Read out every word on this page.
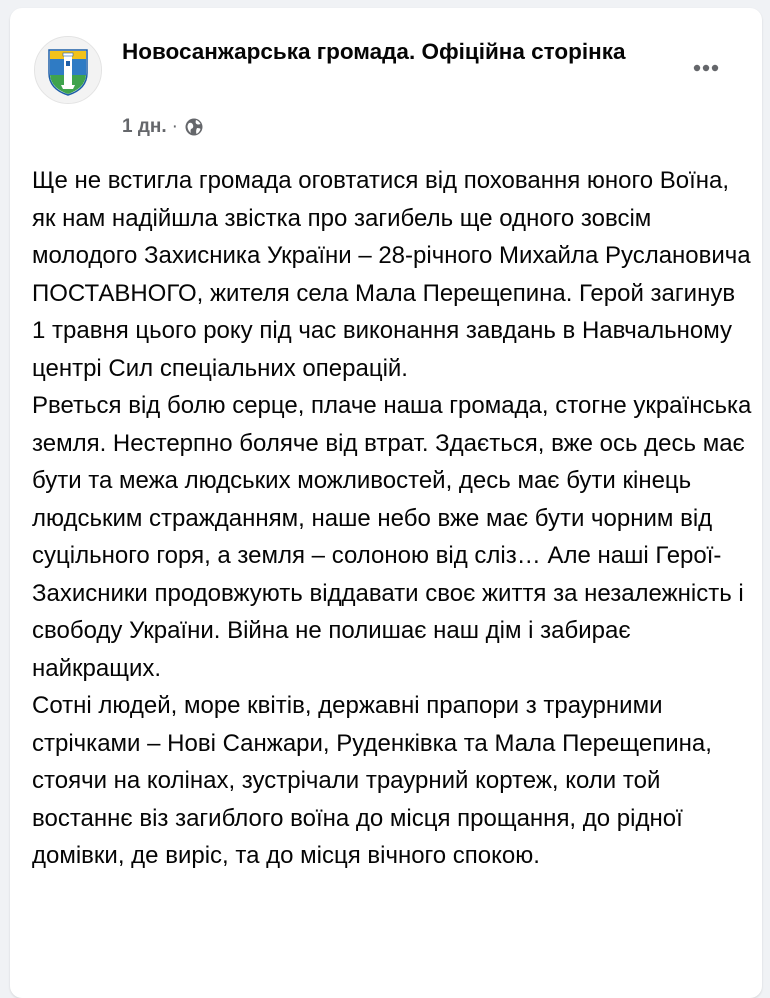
Новосанжарська громада. Офіційна сторінка
1 дн. ·
Ще не встигла громада оговтатися від поховання юного Воїна, як нам надійшла звістка про загибель ще одного зовсім молодого Захисника України – 28-річного Михайла Руслановича ПОСТАВНОГО, жителя села Мала Перещепина. Герой загинув 1 травня цього року під час виконання завдань в Навчальному центрі Сил спеціальних операцій.
Рветься від болю серце, плаче наша громада, стогне українська земля. Нестерпно боляче від втрат. Здається, вже ось десь має бути та межа людських можливостей, десь має бути кінець людським стражданням, наше небо вже має бути чорним від суцільного горя, а земля – солоною від сліз… Але наші Герої-Захисники продовжують віддавати своє життя за незалежність і свободу України. Війна не полишає наш дім і забирає найкращих.
Сотні людей, море квітів, державні прапори з траурними стрічками – Нові Санжари, Руденківка та Мала Перещепина, стоячи на колінах, зустрічали траурний кортеж, коли той востаннє віз загиблого воїна до місця прощання, до рідної домівки, де виріс, та до місця вічного спокою.
